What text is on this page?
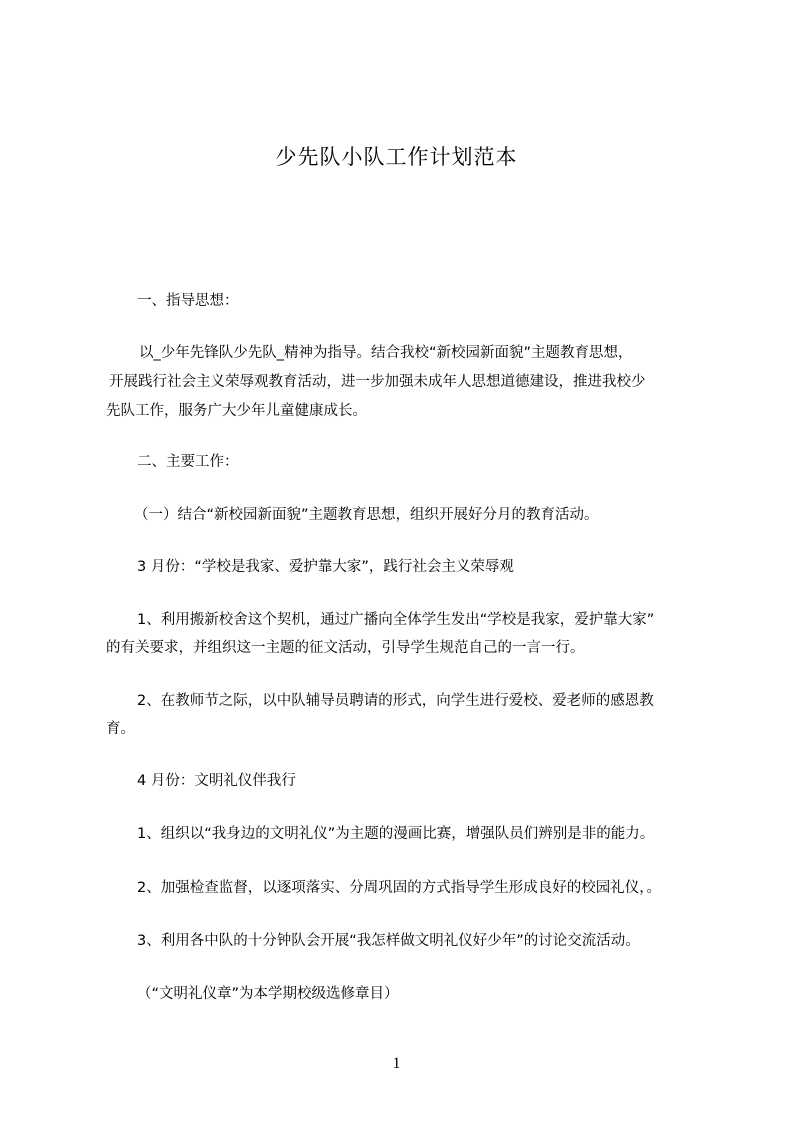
少先队小队工作计划范本
一、指导思想：
以_少年先锋队少先队_精神为指导。结合我校“新校园新面貌”主题教育思想，
开展践行社会主义荣辱观教育活动，进一步加强未成年人思想道德建设，推进我校少
先队工作，服务广大少年儿童健康成长。
二、主要工作：
（一）结合“新校园新面貌”主题教育思想，组织开展好分月的教育活动。
3 月份：“学校是我家、爱护靠大家”，践行社会主义荣辱观
1、利用搬新校舍这个契机，通过广播向全体学生发出“学校是我家，爱护靠大家”
的有关要求，并组织这一主题的征文活动，引导学生规范自己的一言一行。
2、在教师节之际，以中队辅导员聘请的形式，向学生进行爱校、爱老师的感恩教
育。
4 月份：文明礼仪伴我行
1、组织以“我身边的文明礼仪”为主题的漫画比赛，增强队员们辨别是非的能力。
2、加强检查监督，以逐项落实、分周巩固的方式指导学生形成良好的校园礼仪，。
3、利用各中队的十分钟队会开展“我怎样做文明礼仪好少年”的讨论交流活动。
（“文明礼仪章”为本学期校级选修章目）
1
